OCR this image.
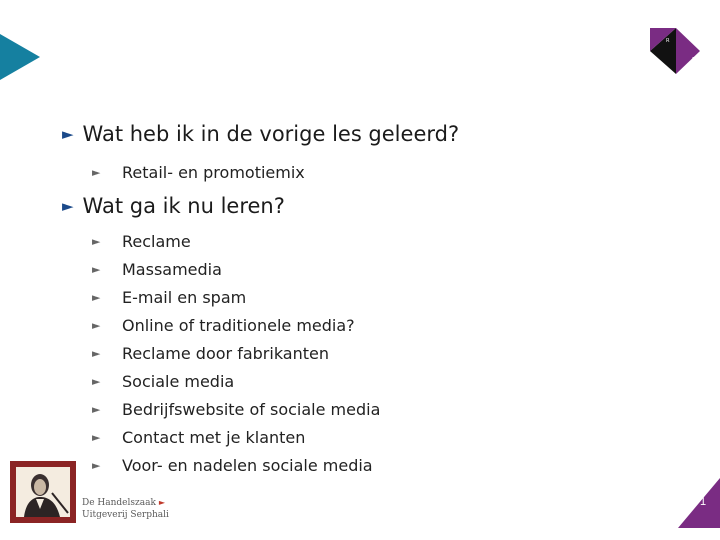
R
S
► Wat heb ik in de vorige les geleerd?
►	Retail- en promotiemix
► Wat ga ik nu leren?
►	Reclame
►	Massamedia
►	E-mail en spam
►	Online of traditionele media?
►	Reclame door fabrikanten
►	Sociale media
►	Bedrijfswebsite of sociale media
►	Contact met je klanten
►	Voor- en nadelen sociale media
De Handelszaak ►
Uitgeverij Serphali
1
